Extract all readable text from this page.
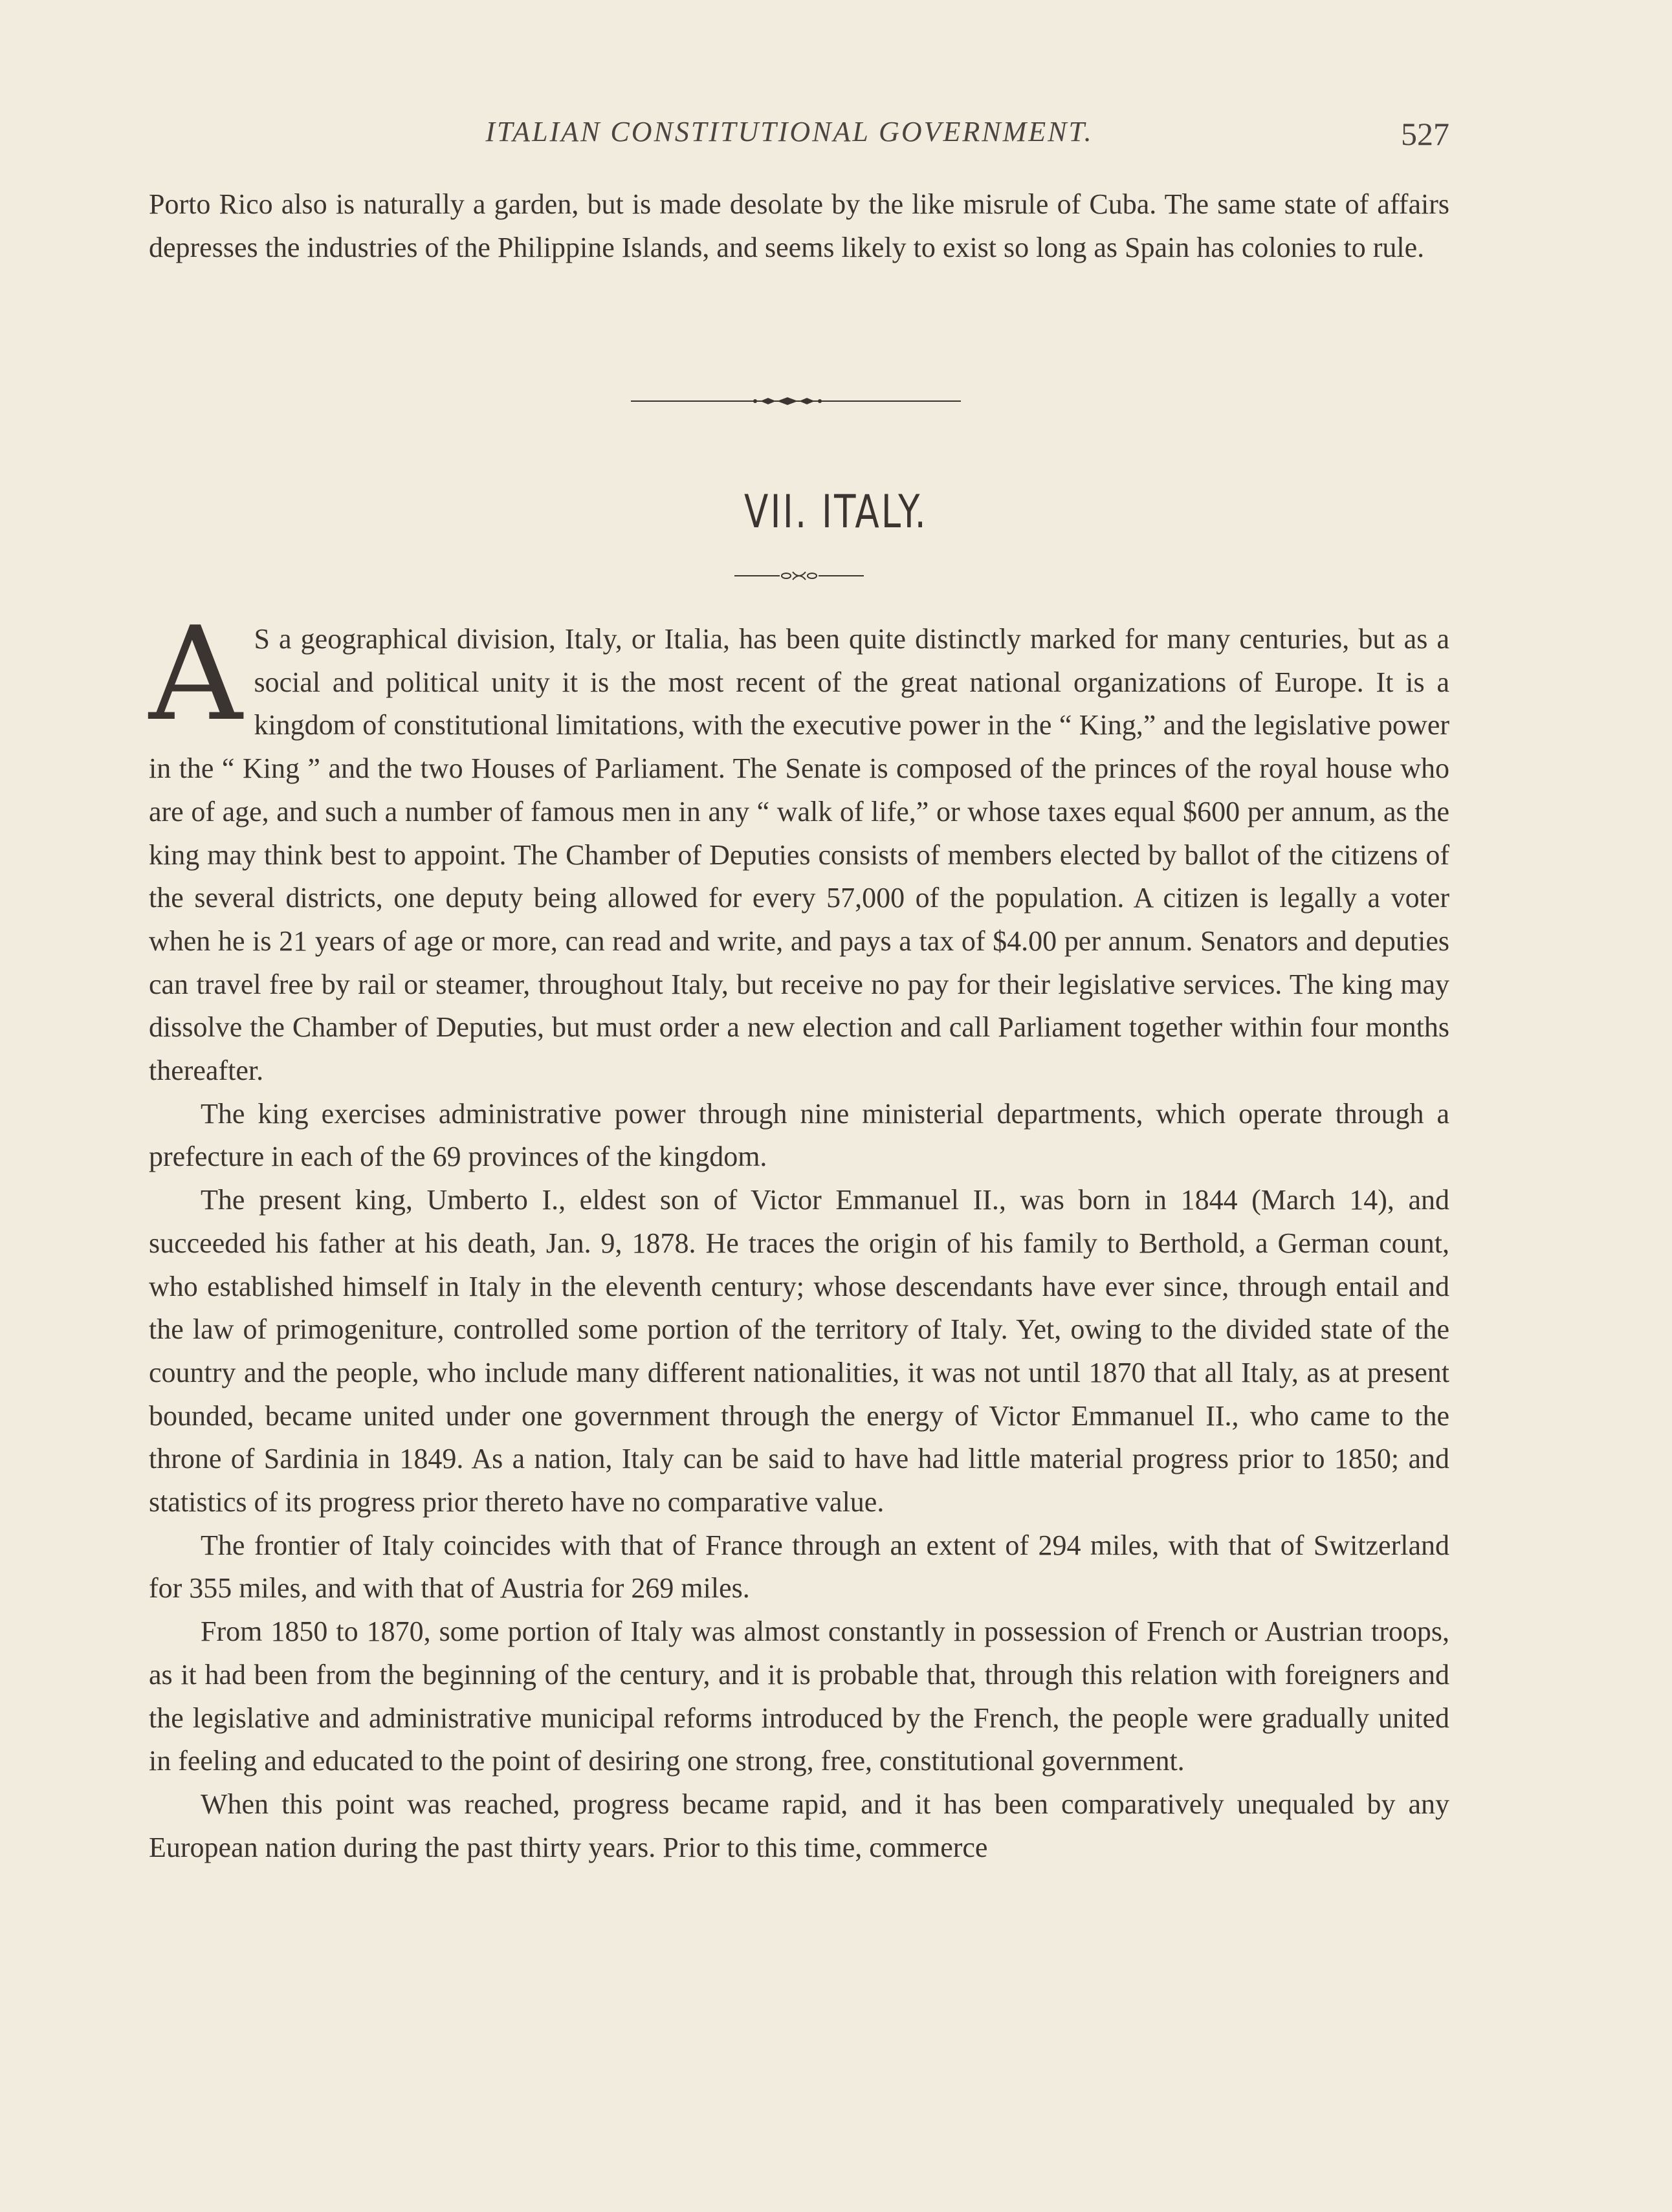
ITALIAN CONSTITUTIONAL GOVERNMENT.	527

Porto Rico also is naturally a garden, but is made desolate by the like misrule of Cuba. The same state of affairs depresses the industries of the Philippine Islands, and seems likely to exist so long as Spain has colonies to rule.

VII. ITALY.

A S a geographical division, Italy, or Italia, has been quite distinctly marked for many centuries, but as a social and political unity it is the most recent of the great national organizations of Europe. It is a kingdom of constitutional limitations, with the executive power in the “ King,” and the legislative power in the “ King ” and the two Houses of Parliament. The Senate is composed of the princes of the royal house who are of age, and such a number of famous men in any “ walk of life,” or whose taxes equal $600 per annum, as the king may think best to appoint. The Chamber of Deputies consists of members elected by ballot of the citizens of the several districts, one deputy being allowed for every 57,000 of the population. A citizen is legally a voter when he is 21 years of age or more, can read and write, and pays a tax of $4.00 per annum. Senators and deputies can travel free by rail or steamer, throughout Italy, but receive no pay for their legislative services. The king may dissolve the Chamber of Deputies, but must order a new election and call Parliament together within four months thereafter.

The king exercises administrative power through nine ministerial departments, which operate through a prefecture in each of the 69 provinces of the kingdom.

The present king, Umberto I., eldest son of Victor Emmanuel II., was born in 1844 (March 14), and succeeded his father at his death, Jan. 9, 1878. He traces the origin of his family to Berthold, a German count, who established himself in Italy in the eleventh century; whose descendants have ever since, through entail and the law of primogeniture, controlled some portion of the territory of Italy. Yet, owing to the divided state of the country and the people, who include many different nationalities, it was not until 1870 that all Italy, as at present bounded, became united under one government through the energy of Victor Emmanuel II., who came to the throne of Sardinia in 1849. As a nation, Italy can be said to have had little material progress prior to 1850; and statistics of its progress prior thereto have no comparative value.

The frontier of Italy coincides with that of France through an extent of 294 miles, with that of Switzerland for 355 miles, and with that of Austria for 269 miles.

From 1850 to 1870, some portion of Italy was almost constantly in possession of French or Austrian troops, as it had been from the beginning of the century, and it is probable that, through this relation with foreigners and the legislative and administrative municipal reforms introduced by the French, the people were gradually united in feeling and educated to the point of desiring one strong, free, constitutional government.

When this point was reached, progress became rapid, and it has been comparatively unequaled by any European nation during the past thirty years. Prior to this time, commerce
